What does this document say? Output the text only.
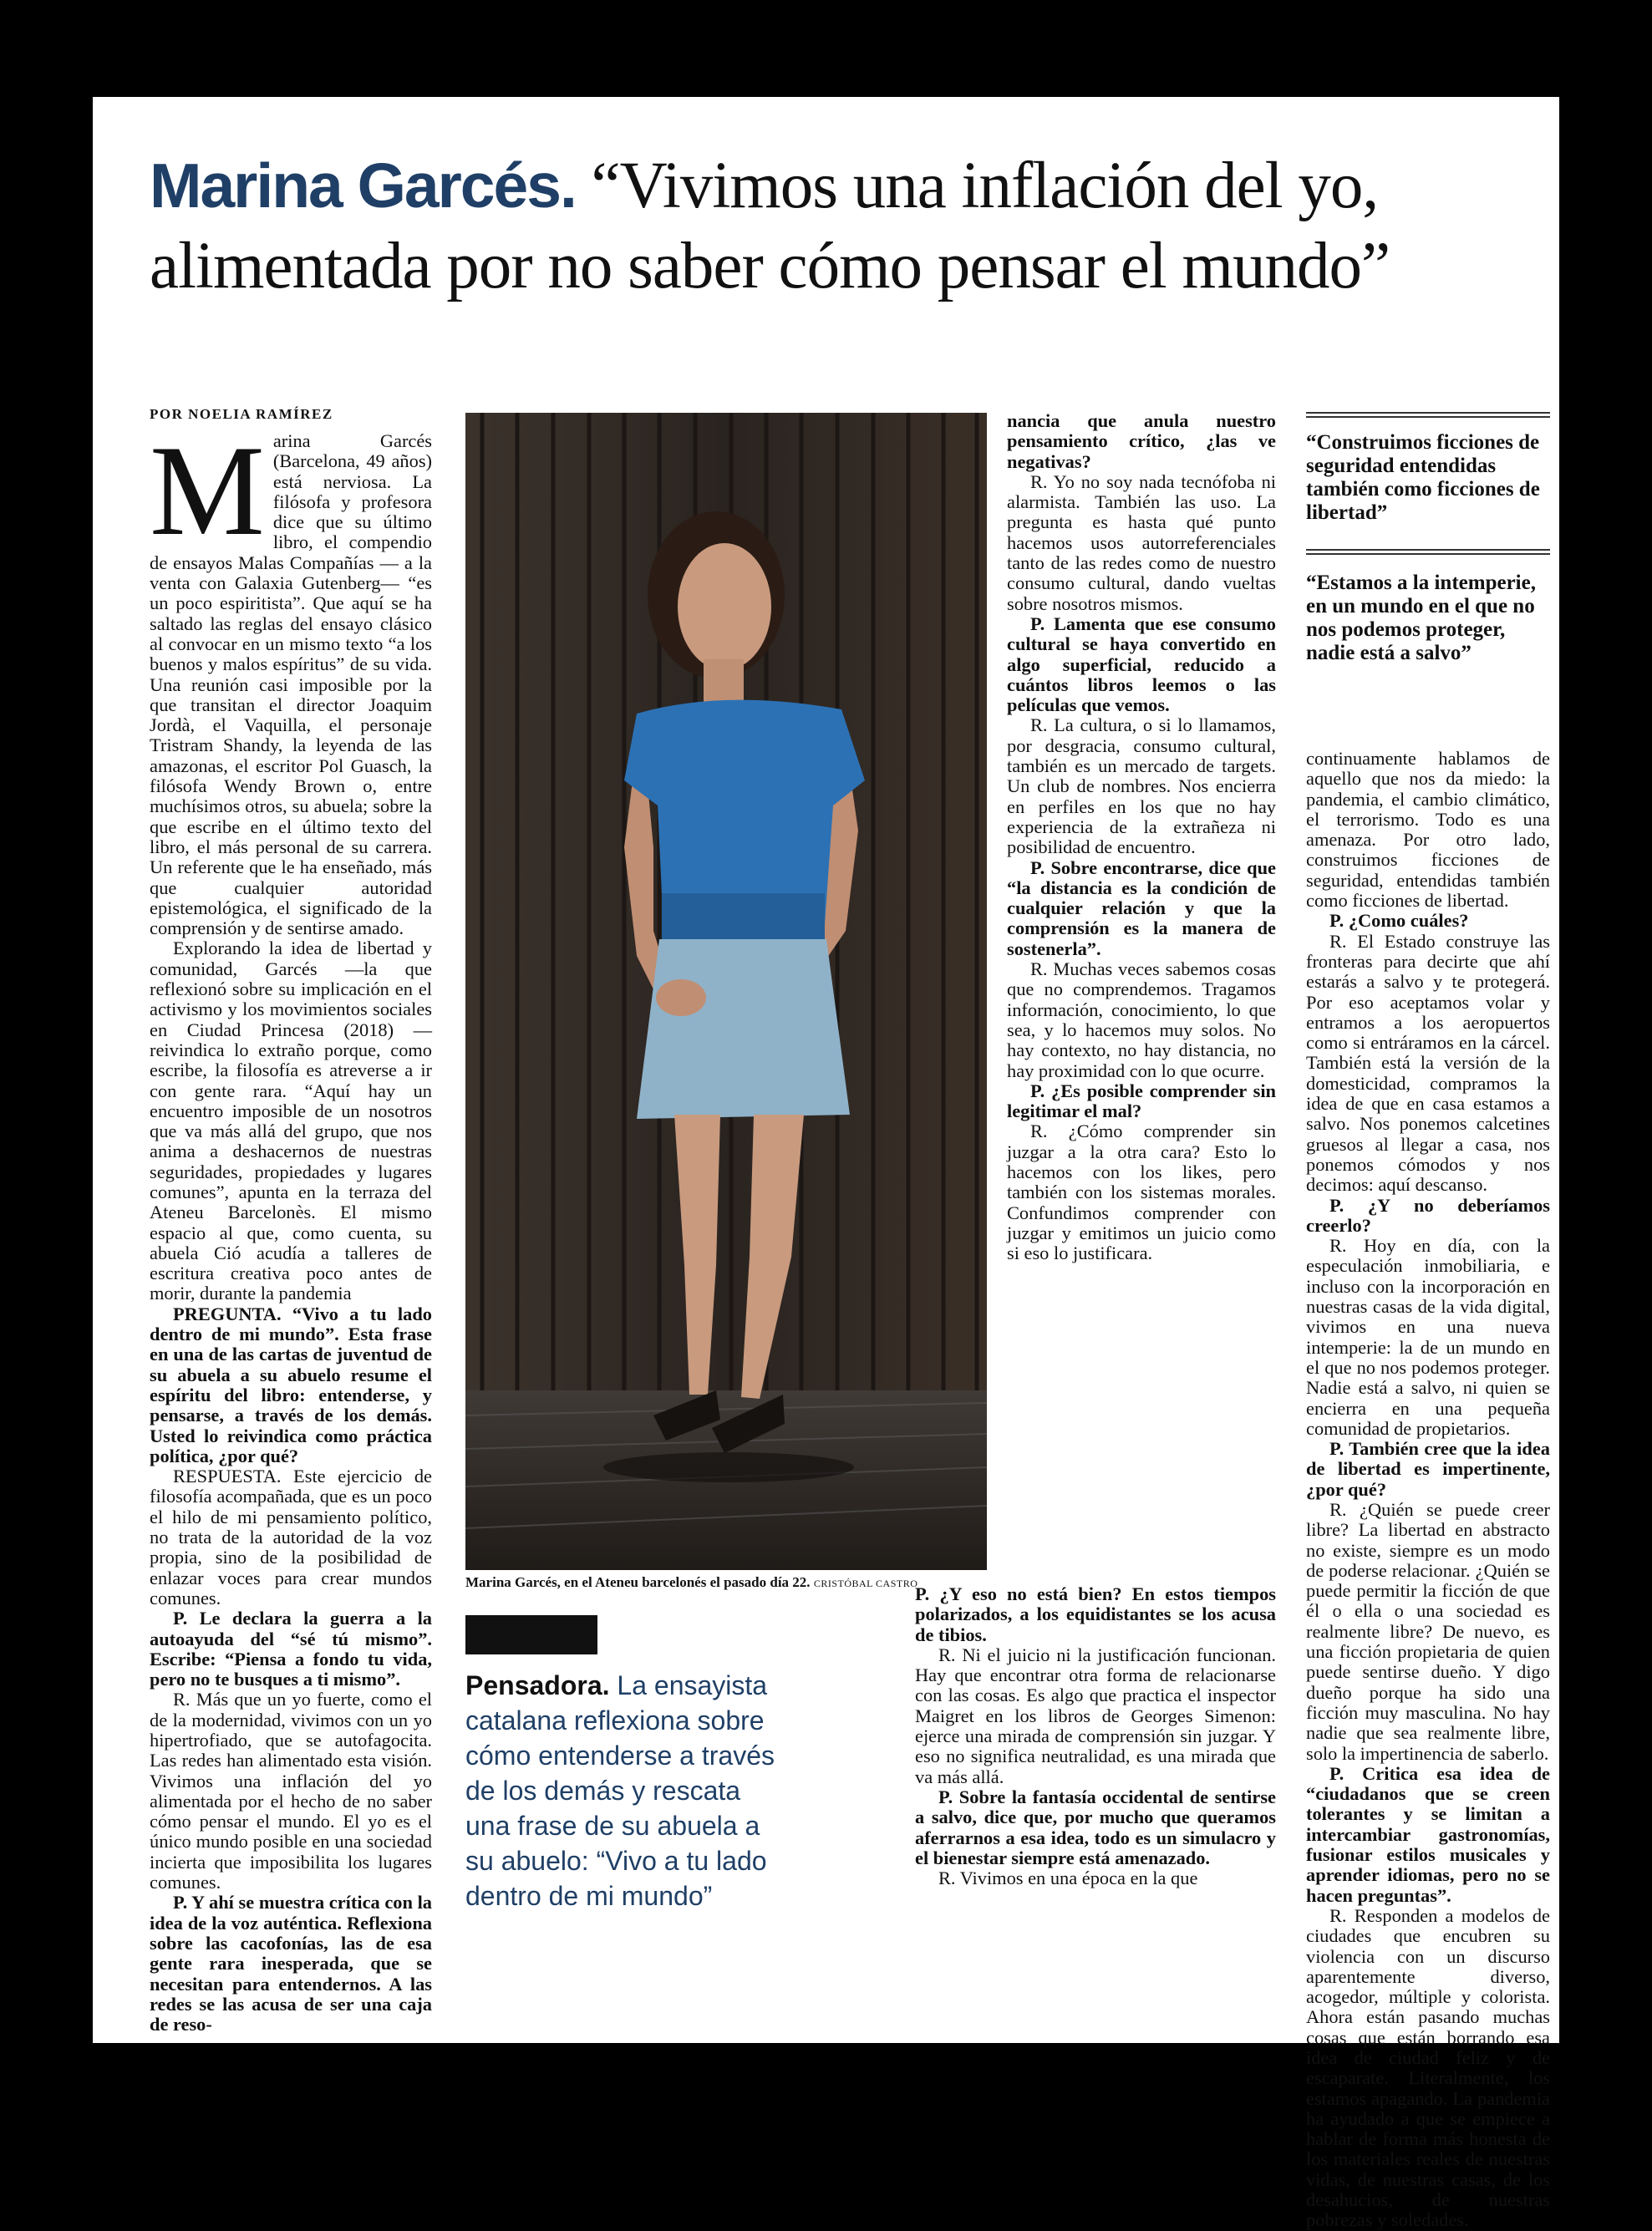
Marina Garcés. “Vivimos una inflación del yo, alimentada por no saber cómo pensar el mundo”
POR NOELIA RAMÍREZ

Marina Garcés (Barcelona, 49 años) está nerviosa. La filósofa y profesora dice que su último libro, el compendio de ensayos Malas Compañías — a la venta con Galaxia Gutenberg— “es un poco espiritista”. Que aquí se ha saltado las reglas del ensayo clásico al convocar en un mismo texto “a los buenos y malos espíritus” de su vida. Una reunión casi imposible por la que transitan el director Joaquim Jordà, el Vaquilla, el personaje Tristram Shandy, la leyenda de las amazonas, el escritor Pol Guasch, la filósofa Wendy Brown o, entre muchísimos otros, su abuela; sobre la que escribe en el último texto del libro, el más personal de su carrera. Un referente que le ha enseñado, más que cualquier autoridad epistemológica, el significado de la comprensión y de sentirse amado.

Explorando la idea de libertad y comunidad, Garcés —la que reflexionó sobre su implicación en el activismo y los movimientos sociales en Ciudad Princesa (2018) — reivindica lo extraño porque, como escribe, la filosofía es atreverse a ir con gente rara. “Aquí hay un encuentro imposible de un nosotros que va más allá del grupo, que nos anima a deshacernos de nuestras seguridades, propiedades y lugares comunes”, apunta en la terraza del Ateneu Barcelonès. El mismo espacio al que, como cuenta, su abuela Ció acudía a talleres de escritura creativa poco antes de morir, durante la pandemia

PREGUNTA. “Vivo a tu lado dentro de mi mundo”. Esta frase en una de las cartas de juventud de su abuela a su abuelo resume el espíritu del libro: entenderse, y pensarse, a través de los demás. Usted lo reivindica como práctica política, ¿por qué?

RESPUESTA. Este ejercicio de filosofía acompañada, que es un poco el hilo de mi pensamiento político, no trata de la autoridad de la voz propia, sino de la posibilidad de enlazar voces para crear mundos comunes.

P. Le declara la guerra a la autoayuda del “sé tú mismo”. Escribe: “Piensa a fondo tu vida, pero no te busques a ti mismo”.

R. Más que un yo fuerte, como el de la modernidad, vivimos con un yo hipertrofiado, que se autofagocita. Las redes han alimentado esta visión. Vivimos una inflación del yo alimentada por el hecho de no saber cómo pensar el mundo. El yo es el único mundo posible en una sociedad incierta que imposibilita los lugares comunes.

P. Y ahí se muestra crítica con la idea de la voz auténtica. Reflexiona sobre las cacofonías, las de esa gente rara inesperada, que se necesitan para entendernos. A las redes se las acusa de ser una caja de reso-

Marina Garcés, en el Ateneu barcelonés el pasado día 22. CRISTÓBAL CASTRO
Pensadora. La ensayista catalana reflexiona sobre cómo entenderse a través de los demás y rescata una frase de su abuela a su abuelo: “Vivo a tu lado dentro de mi mundo”

nancia que anula nuestro pensamiento crítico, ¿las ve negativas?

R. Yo no soy nada tecnófoba ni alarmista. También las uso. La pregunta es hasta qué punto hacemos usos autorreferenciales tanto de las redes como de nuestro consumo cultural, dando vueltas sobre nosotros mismos.

P. Lamenta que ese consumo cultural se haya convertido en algo superficial, reducido a cuántos libros leemos o las películas que vemos.

R. La cultura, o si lo llamamos, por desgracia, consumo cultural, también es un mercado de targets. Un club de nombres. Nos encierra en perfiles en los que no hay experiencia de la extrañeza ni posibilidad de encuentro.

P. Sobre encontrarse, dice que “la distancia es la condición de cualquier relación y que la comprensión es la manera de sostenerla”.

R. Muchas veces sabemos cosas que no comprendemos. Tragamos información, conocimiento, lo que sea, y lo hacemos muy solos. No hay contexto, no hay distancia, no hay proximidad con lo que ocurre.

P. ¿Es posible comprender sin legitimar el mal?

R. ¿Cómo comprender sin juzgar a la otra cara? Esto lo hacemos con los likes, pero también con los sistemas morales. Confundimos comprender con juzgar y emitimos un juicio como si eso lo justificara.

P. ¿Y eso no está bien? En estos tiempos polarizados, a los equidistantes se los acusa de tibios.

R. Ni el juicio ni la justificación funcionan. Hay que encontrar otra forma de relacionarse con las cosas. Es algo que practica el inspector Maigret en los libros de Georges Simenon: ejerce una mirada de comprensión sin juzgar. Y eso no significa neutralidad, es una mirada que va más allá.

P. Sobre la fantasía occidental de sentirse a salvo, dice que, por mucho que queramos aferrarnos a esa idea, todo es un simulacro y el bienestar siempre está amenazado.

R. Vivimos en una época en la que

“Construimos ficciones de seguridad entendidas también como ficciones de libertad”
“Estamos a la intemperie, en un mundo en el que no nos podemos proteger, nadie está a salvo”

continuamente hablamos de aquello que nos da miedo: la pandemia, el cambio climático, el terrorismo. Todo es una amenaza. Por otro lado, construimos ficciones de seguridad, entendidas también como ficciones de libertad.

P. ¿Como cuáles?

R. El Estado construye las fronteras para decirte que ahí estarás a salvo y te protegerá. Por eso aceptamos volar y entramos a los aeropuertos como si entráramos en la cárcel. También está la versión de la domesticidad, compramos la idea de que en casa estamos a salvo. Nos ponemos calcetines gruesos al llegar a casa, nos ponemos cómodos y nos decimos: aquí descanso.

P. ¿Y no deberíamos creerlo?

R. Hoy en día, con la especulación inmobiliaria, e incluso con la incorporación en nuestras casas de la vida digital, vivimos en una nueva intemperie: la de un mundo en el que no nos podemos proteger. Nadie está a salvo, ni quien se encierra en una pequeña comunidad de propietarios.

P. También cree que la idea de libertad es impertinente, ¿por qué?

R. ¿Quién se puede creer libre? La libertad en abstracto no existe, siempre es un modo de poderse relacionar. ¿Quién se puede permitir la ficción de que él o ella o una sociedad es realmente libre? De nuevo, es una ficción propietaria de quien puede sentirse dueño. Y digo dueño porque ha sido una ficción muy masculina. No hay nadie que sea realmente libre, solo la impertinencia de saberlo.

P. Critica esa idea de “ciudadanos que se creen tolerantes y se limitan a intercambiar gastronomías, fusionar estilos musicales y aprender idiomas, pero no se hacen preguntas”.

R. Responden a modelos de ciudades que encubren su violencia con un discurso aparentemente diverso, acogedor, múltiple y colorista. Ahora están pasando muchas cosas que están borrando esa idea de ciudad feliz y de escaparate. Literalmente, los estamos apagando. La pandemia ha ayudado a que se empiece a hablar de forma más honesta de los materiales reales de nuestras vidas, de nuestras casas, de los desahucios, de nuestras pobrezas y soledades.
